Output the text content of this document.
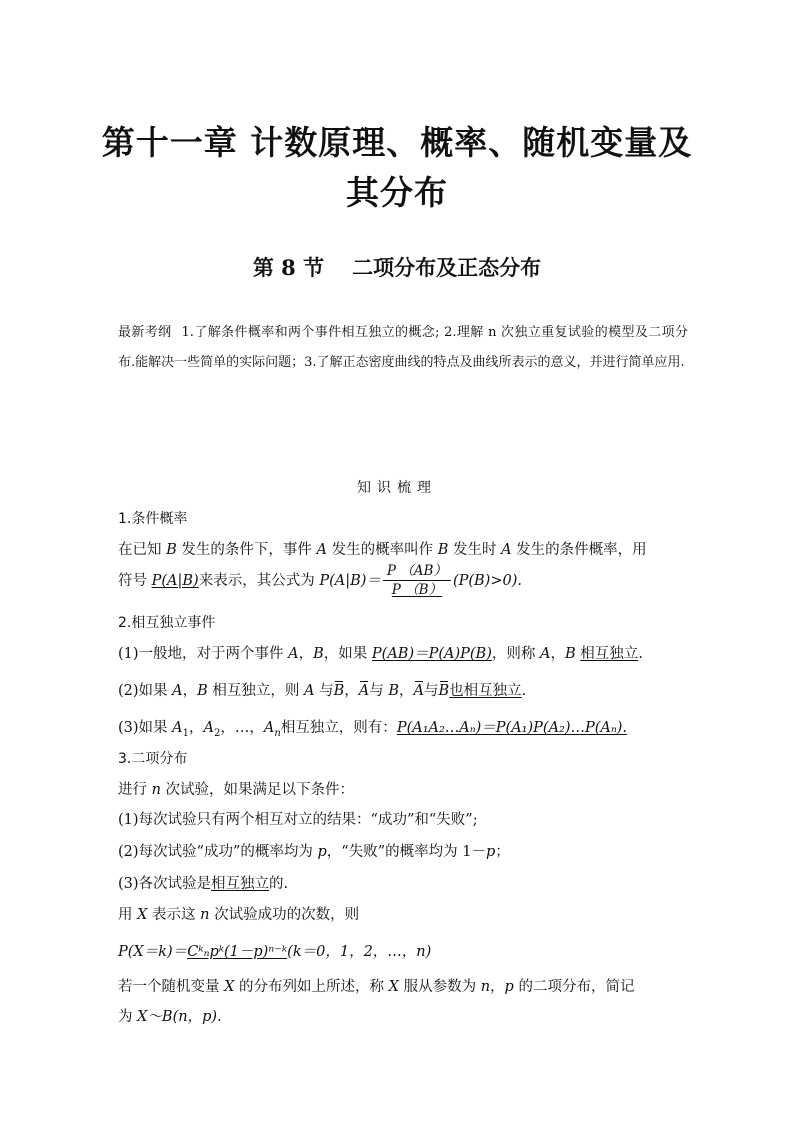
第十一章 计数原理、概率、随机变量及
其分布
第 8 节 二项分布及正态分布
最新考纲 1.了解条件概率和两个事件相互独立的概念; 2.理解 n 次独立重复试验的模型及二项分布.能解决一些简单的实际问题；3.了解正态密度曲线的特点及曲线所表示的意义，并进行简单应用.
知识梳理
1.条件概率
在已知 B 发生的条件下，事件 A 发生的概率叫作 B 发生时 A 发生的条件概率，用
符号 P(A|B)来表示，其公式为 $P(A|B)= \frac{P (AB)}{P (B)} (P(B)>0)$.
2.相互独立事件
(1)一般地，对于两个事件 A，B，如果 P(AB)＝P(A)P(B)，则称 A，B 相互独立.
(2)如果 A，B 相互独立，则 A 与B，A与 B，A与B也相互独立.
(3)如果 $A_1$，$A_2$，…，$A_n$相互独立，则有：P(A₁A₂…Aₙ)＝P(A₁)P(A₂)…P(Aₙ).
3.二项分布
进行 n 次试验，如果满足以下条件：
(1)每次试验只有两个相互对立的结果：“成功”和“失败”;
(2)每次试验“成功”的概率均为 p，“失败”的概率均为 1－p；
(3)各次试验是相互独立的.
用 X 表示这 n 次试验成功的次数，则
P(X＝k)＝Cᵏₙpᵏ(1－p)ⁿ⁻ᵏ(k＝0，1，2，…，n)
若一个随机变量 X 的分布列如上所述，称 X 服从参数为 n，p 的二项分布，简记
为 X～B(n，p).
